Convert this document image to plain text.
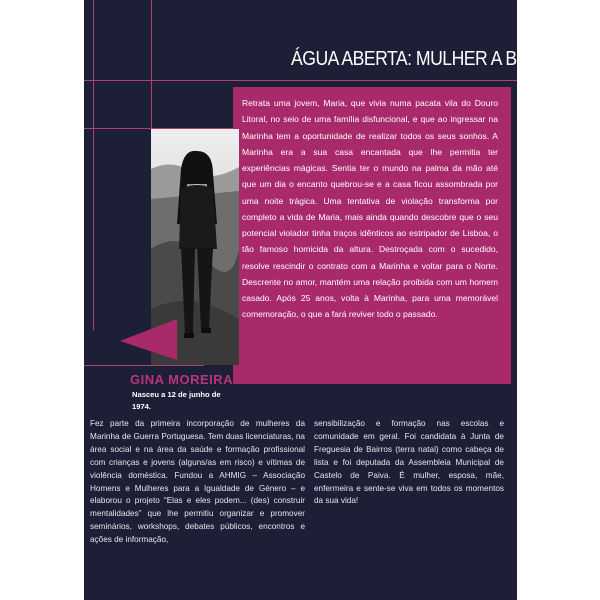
ÁGUA ABERTA: MULHER A BORDO
Retrata uma jovem, Maria, que vivia numa pacata vila do Douro Litoral, no seio de uma família disfuncional, e que ao ingressar na Marinha tem a oportunidade de realizar todos os seus sonhos. A Marinha era a sua casa encantada que lhe permitia ter experiências mágicas. Sentia ter o mundo na palma da mão até que um dia o encanto quebrou-se e a casa ficou assombrada por uma noite trágica. Uma tentativa de violação transforma por completo a vida de Maria, mais ainda quando descobre que o seu potencial violador tinha traços idênticos ao estripador de Lisboa, o tão famoso homicida da altura. Destroçada com o sucedido, resolve rescindir o contrato com a Marinha e voltar para o Norte. Descrente no amor, mantém uma relação proibida com um homem casado. Após 25 anos, volta à Marinha, para uma memorável comemoração, o que a fará reviver todo o passado.
GINA MOREIRA
Nasceu a 12 de junho de 1974.
Fez parte da primeira incorporação de mulheres da Marinha de Guerra Portuguesa. Tem duas licenciaturas, na área social e na área da saúde e formação profissional com crianças e jovens (alguns/as em risco) e vítimas de violência doméstica. Fundou a AHMIG – Associação Homens e Mulheres para a Igualdade de Género – e elaborou o projeto “Elas e eles podem... (des) construir mentalidades” que lhe permitiu organizar e promover seminários, workshops, debates públicos, encontros e ações de informação,
sensibilização e formação nas escolas e comunidade em geral. Foi candidata à Junta de Freguesia de Bairros (terra natal) como cabeça de lista e foi deputada da Assembleia Municipal de Castelo de Paiva. É mulher, esposa, mãe, enfermeira e sente-se viva em todos os momentos da sua vida!
